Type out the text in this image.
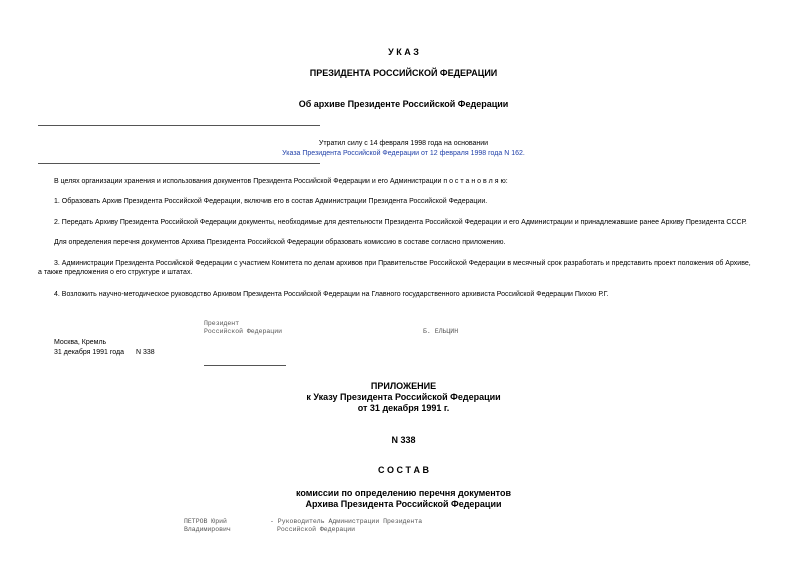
У К А З
ПРЕЗИДЕНТА РОССИЙСКОЙ ФЕДЕРАЦИИ
Об архиве Президенте Российской Федерации
Утратил силу с 14 февраля 1998 года на основании
Указа Президента Российской Федерации от 12 февраля 1998 года N 162.
В целях организации хранения и использования документов Президента Российской Федерации и его Администрации п о с т а н о в л я ю:
1. Образовать Архив Президента Российской Федерации, включив его в состав Администрации Президента Российской Федерации.
2. Передать Архиву Президента Российской Федерации документы, необходимые для деятельности Президента Российской Федерации и его Администрации и принадлежавшие ранее Архиву Президента СССР.
Для определения перечня документов Архива Президента Российской Федерации образовать комиссию в составе согласно приложению.
3. Администрации Президента Российской Федерации с участием Комитета по делам архивов при Правительстве Российской Федерации в месячный срок разработать и представить проект положения об Архиве,
а также предложения о его структуре и штатах.
4. Возложить научно-методическое руководство Архивом Президента Российской Федерации на Главного государственного архивиста Российской Федерации Пихою Р.Г.
Президент
Российской Федерации	Б. ЕЛЬЦИН
Москва, Кремль
31 декабря 1991 года N 338
ПРИЛОЖЕНИЕ
к Указу Президента Российской Федерации
от 31 декабря 1991 г.
N 338
С О С Т А В
комиссии по определению перечня документов
Архива Президента Российской Федерации
ПЕТРОВ Юрий
Владимирович
- Руководитель Администрации Президента
Российской Федерации
